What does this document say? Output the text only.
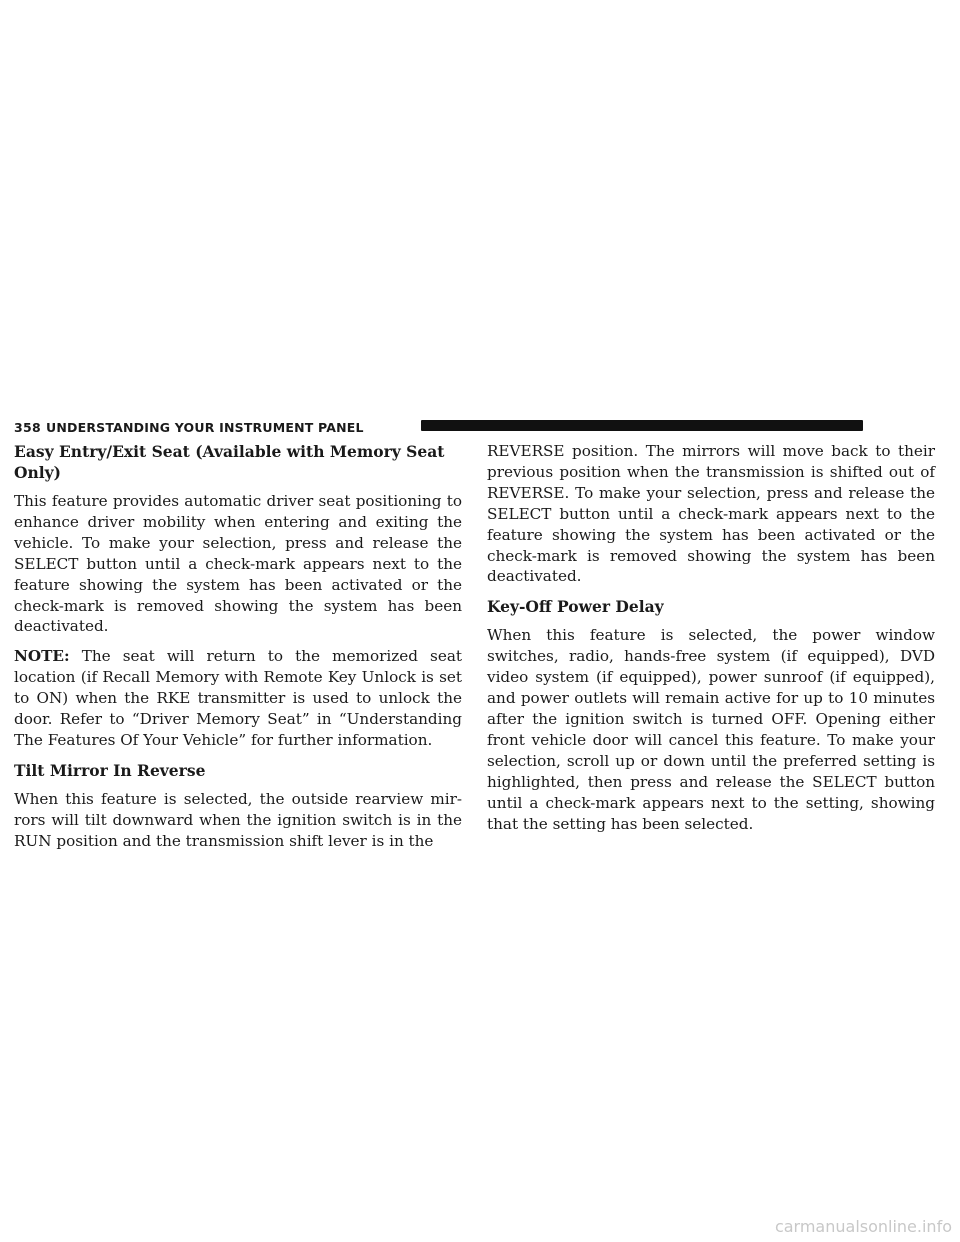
358 UNDERSTANDING YOUR INSTRUMENT PANEL
Easy Entry/Exit Seat (Available with Memory Seat Only)

This feature provides automatic driver seat positioning to enhance driver mobility when entering and exiting the vehicle. To make your selection, press and release the SELECT button until a check-mark appears next to the feature showing the system has been activated or the check-mark is removed showing the system has been deactivated.

NOTE: The seat will return to the memorized seat location (if Recall Memory with Remote Key Unlock is set to ON) when the RKE transmitter is used to unlock the door. Refer to “Driver Memory Seat” in “Understanding The Features Of Your Vehicle” for further information.

Tilt Mirror In Reverse

When this feature is selected, the outside rearview mir-rors will tilt downward when the ignition switch is in the RUN position and the transmission shift lever is in the

REVERSE position. The mirrors will move back to their previous position when the transmission is shifted out of REVERSE. To make your selection, press and release the SELECT button until a check-mark appears next to the feature showing the system has been activated or the check-mark is removed showing the system has been deactivated.

Key-Off Power Delay

When this feature is selected, the power window switches, radio, hands-free system (if equipped), DVD video system (if equipped), power sunroof (if equipped), and power outlets will remain active for up to 10 minutes after the ignition switch is turned OFF. Opening either front vehicle door will cancel this feature. To make your selection, scroll up or down until the preferred setting is highlighted, then press and release the SELECT button until a check-mark appears next to the setting, showing that the setting has been selected.

carmanualsonline.info
